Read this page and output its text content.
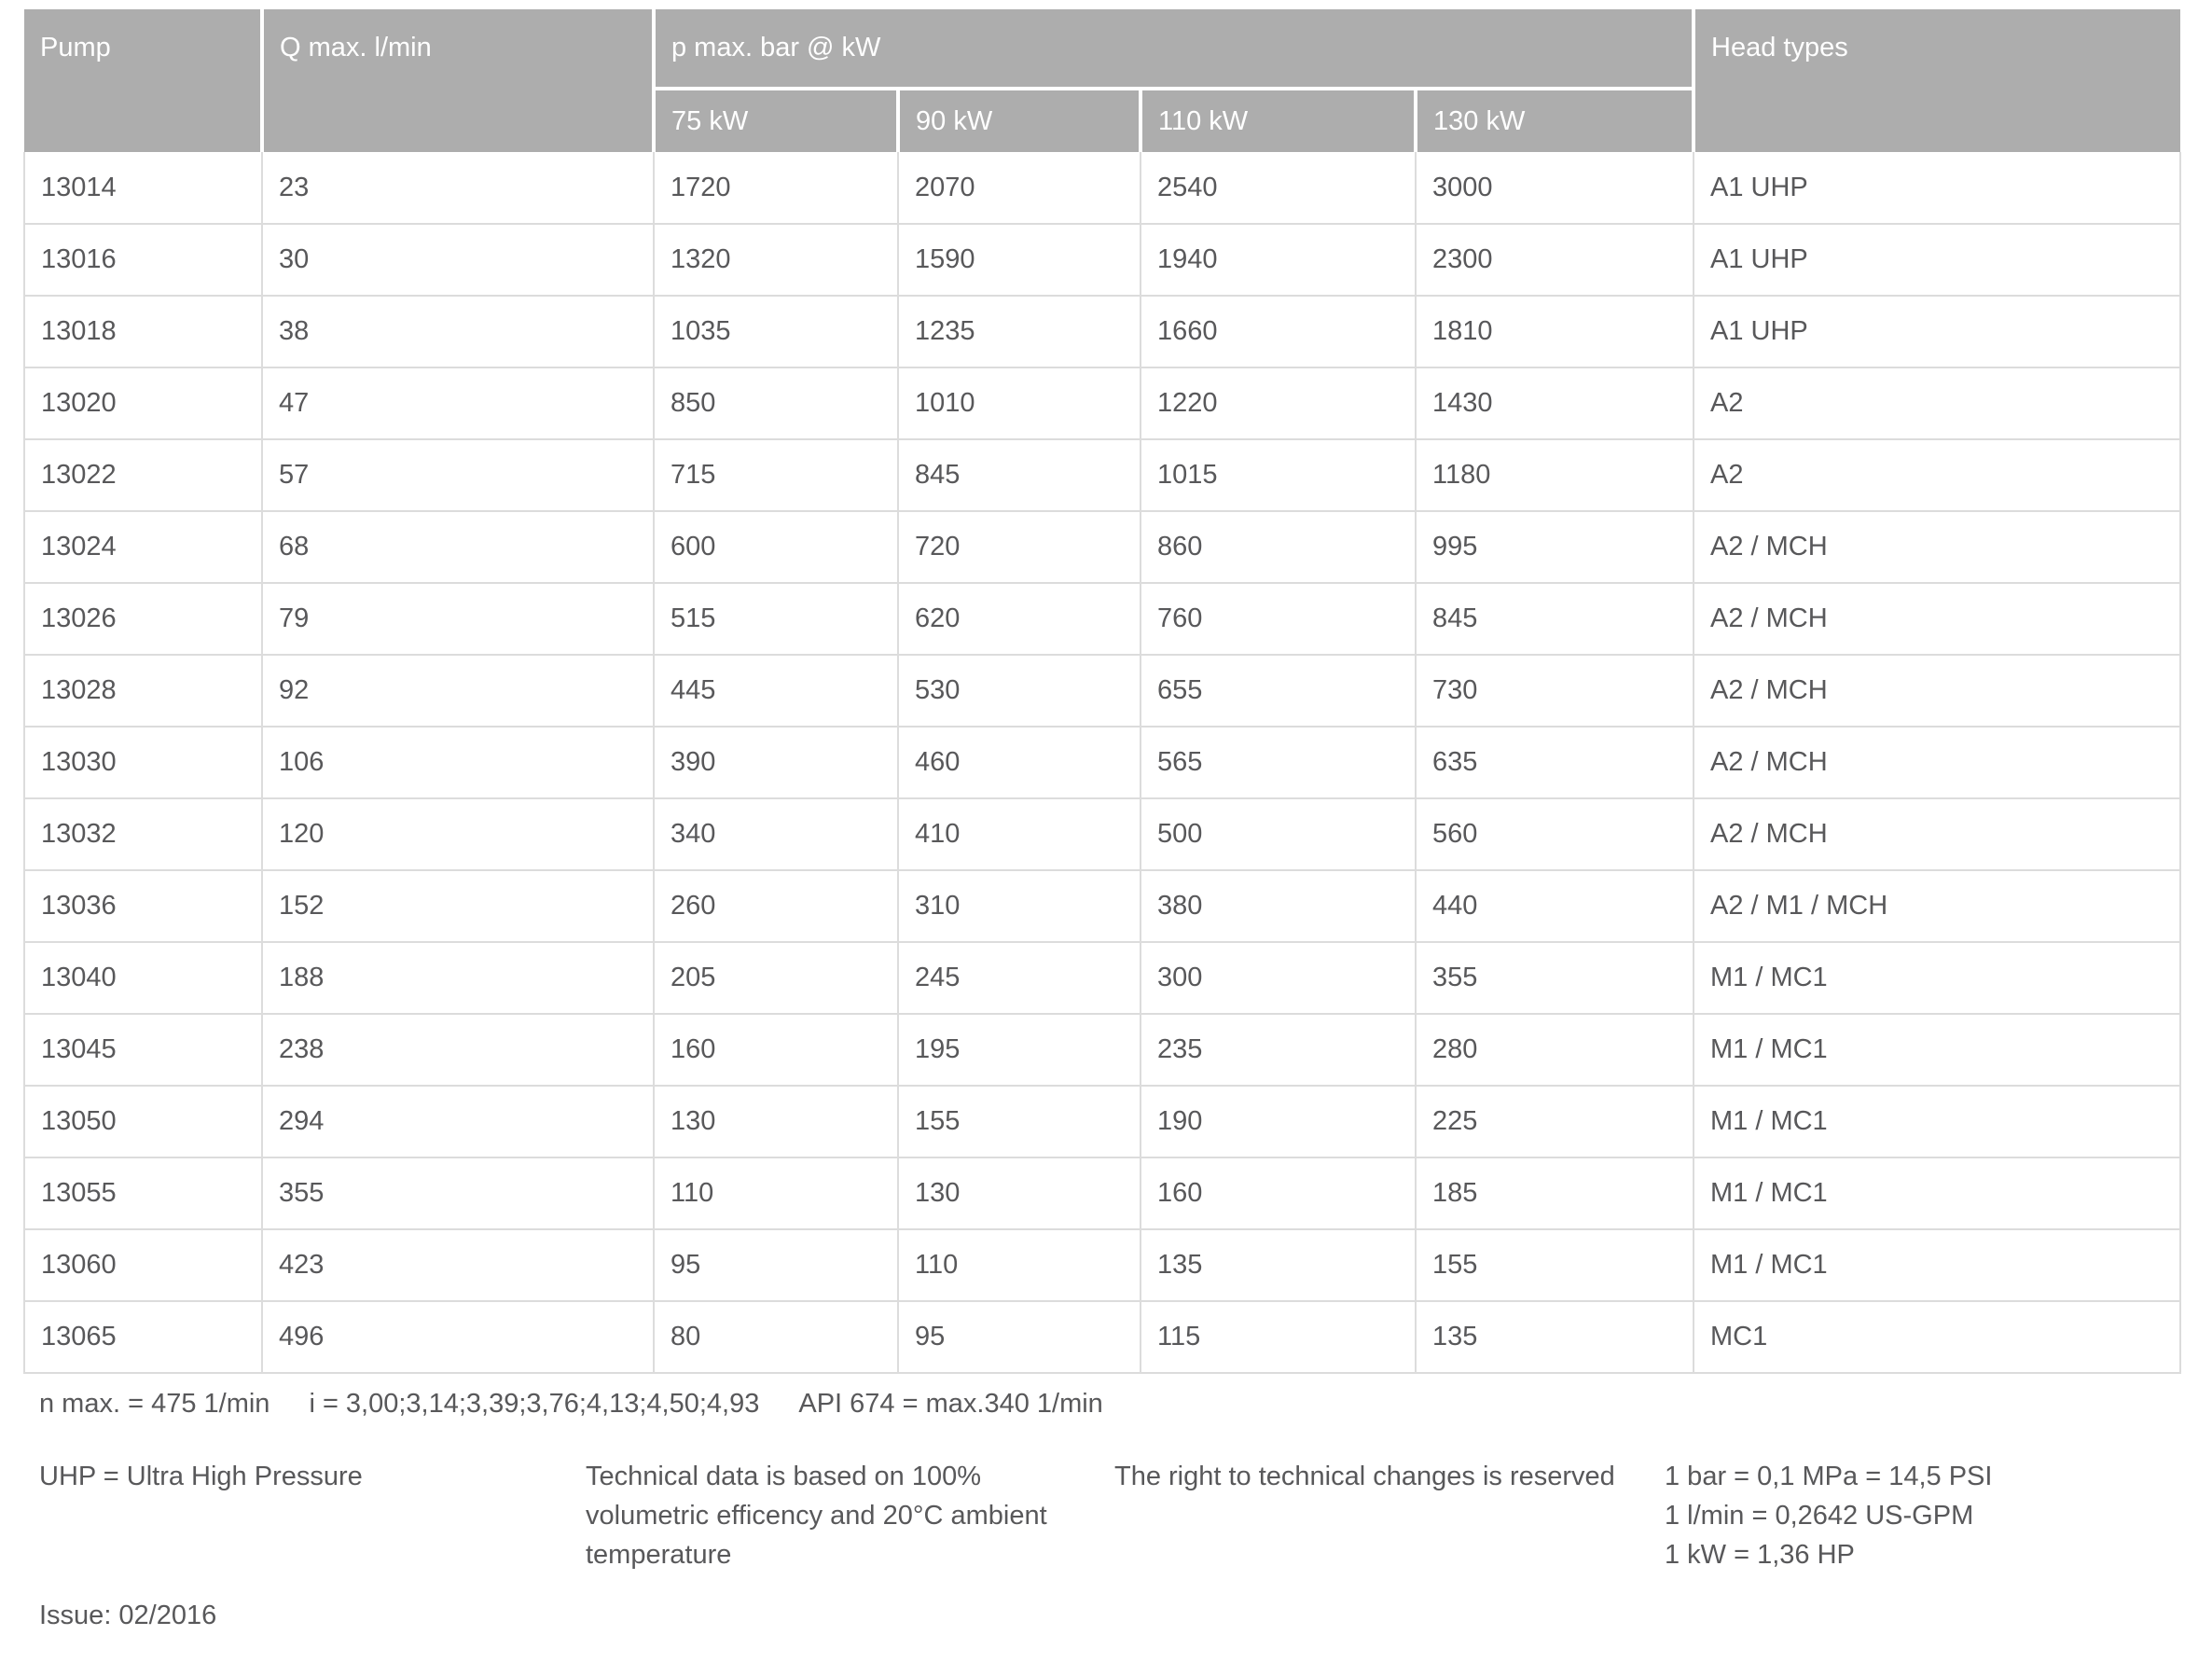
Pump	Q max. l/min	p max. bar @ kW				Head types
		75 kW	90 kW	110 kW	130 kW	
13014	23	1720	2070	2540	3000	A1 UHP
13016	30	1320	1590	1940	2300	A1 UHP
13018	38	1035	1235	1660	1810	A1 UHP
13020	47	850	1010	1220	1430	A2
13022	57	715	845	1015	1180	A2
13024	68	600	720	860	995	A2 / MCH
13026	79	515	620	760	845	A2 / MCH
13028	92	445	530	655	730	A2 / MCH
13030	106	390	460	565	635	A2 / MCH
13032	120	340	410	500	560	A2 / MCH
13036	152	260	310	380	440	A2 / M1 / MCH
13040	188	205	245	300	355	M1 / MC1
13045	238	160	195	235	280	M1 / MC1
13050	294	130	155	190	225	M1 / MC1
13055	355	110	130	160	185	M1 / MC1
13060	423	95	110	135	155	M1 / MC1
13065	496	80	95	115	135	MC1
n max. = 475 1/min i = 3,00;3,14;3,39;3,76;4,13;4,50;4,93 API 674 = max.340 1/min
UHP = Ultra High Pressure	Technical data is based on 100% volumetric efficency and 20°C ambient temperature
The right to technical changes is reserved	1 bar = 0,1 MPa = 14,5 PSI
1 l/min = 0,2642 US-GPM
1 kW = 1,36 HP
Issue: 02/2016
